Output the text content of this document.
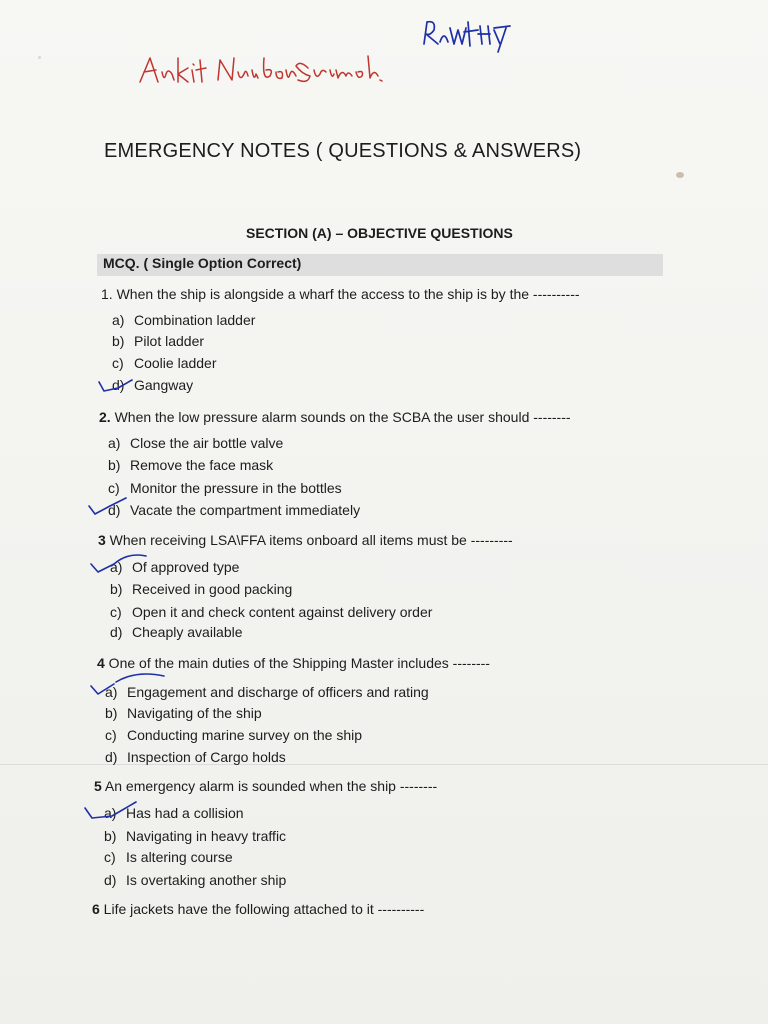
EMERGENCY NOTES ( QUESTIONS & ANSWERS)
SECTION (A) – OBJECTIVE QUESTIONS
MCQ. ( Single Option Correct)
1. When the ship is alongside a wharf the access to the ship is by the ----------
a) Combination ladder
b) Pilot ladder
c) Coolie ladder
d) Gangway
2. When the low pressure alarm sounds on the SCBA the user should --------
a) Close the air bottle valve
b) Remove the face mask
c) Monitor the pressure in the bottles
d) Vacate the compartment immediately
3 When receiving LSA\FFA items onboard all items must be ---------
a) Of approved type
b) Received in good packing
c) Open it and check content against delivery order
d) Cheaply available
4 One of the main duties of the Shipping Master includes --------
a) Engagement and discharge of officers and rating
b) Navigating of the ship
c) Conducting marine survey on the ship
d) Inspection of Cargo holds
5 An emergency alarm is sounded when the ship --------
a) Has had a collision
b) Navigating in heavy traffic
c) Is altering course
d) Is overtaking another ship
6 Life jackets have the following attached to it ----------
